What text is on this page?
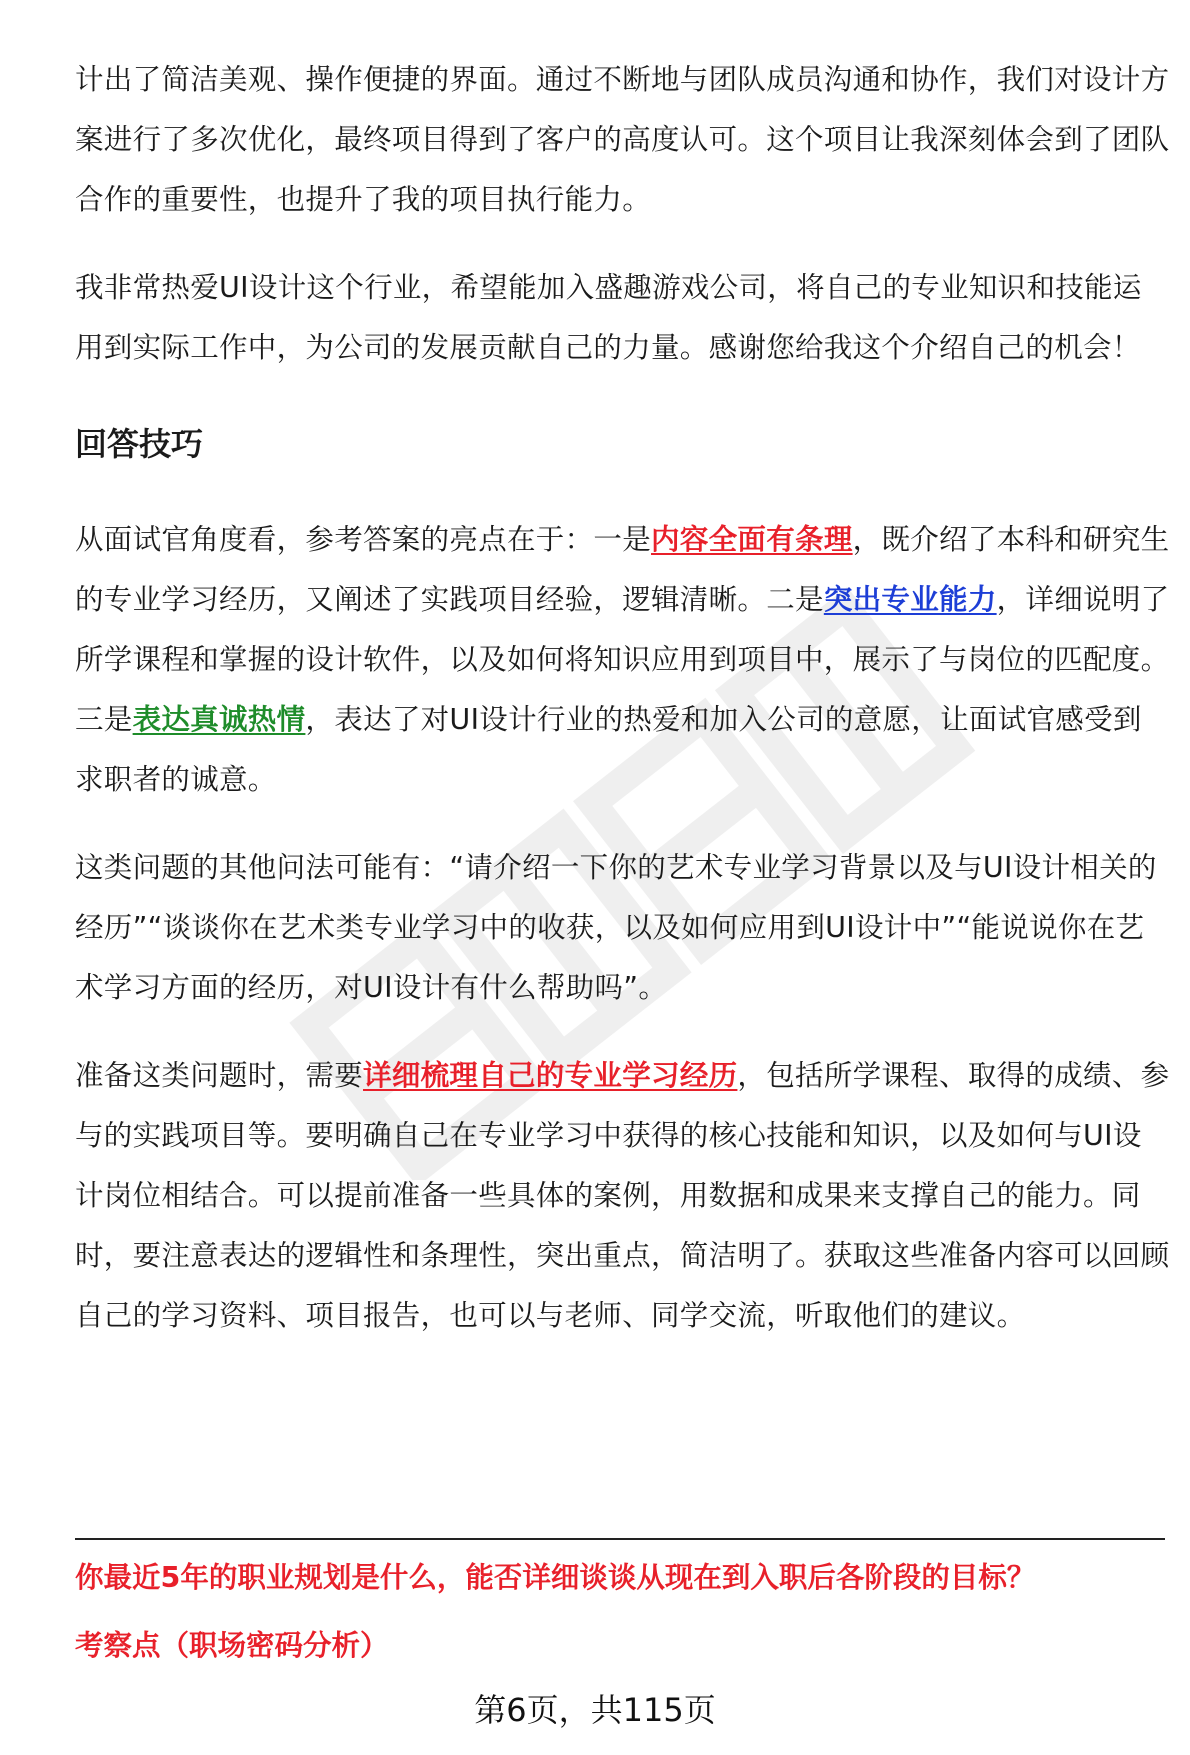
计出了简洁美观、操作便捷的界面。通过不断地与团队成员沟通和协作，我们对设计方案进行了多次优化，最终项目得到了客户的高度认可。这个项目让我深刻体会到了团队合作的重要性，也提升了我的项目执行能力。

我非常热爱UI设计这个行业，希望能加入盛趣游戏公司，将自己的专业知识和技能运用到实际工作中，为公司的发展贡献自己的力量。感谢您给我这个介绍自己的机会！

回答技巧

从面试官角度看，参考答案的亮点在于：一是内容全面有条理，既介绍了本科和研究生的专业学习经历，又阐述了实践项目经验，逻辑清晰。二是突出专业能力，详细说明了所学课程和掌握的设计软件，以及如何将知识应用到项目中，展示了与岗位的匹配度。三是表达真诚热情，表达了对UI设计行业的热爱和加入公司的意愿，让面试官感受到求职者的诚意。

这类问题的其他问法可能有：“请介绍一下你的艺术专业学习背景以及与UI设计相关的经历”“谈谈你在艺术类专业学习中的收获，以及如何应用到UI设计中”“能说说你在艺术学习方面的经历，对UI设计有什么帮助吗”。

准备这类问题时，需要详细梳理自己的专业学习经历，包括所学课程、取得的成绩、参与的实践项目等。要明确自己在专业学习中获得的核心技能和知识，以及如何与UI设计岗位相结合。可以提前准备一些具体的案例，用数据和成果来支撑自己的能力。同时，要注意表达的逻辑性和条理性，突出重点，简洁明了。获取这些准备内容可以回顾自己的学习资料、项目报告，也可以与老师、同学交流，听取他们的建议。

你最近5年的职业规划是什么，能否详细谈谈从现在到入职后各阶段的目标？
考察点（职场密码分析）
第6页，共115页
